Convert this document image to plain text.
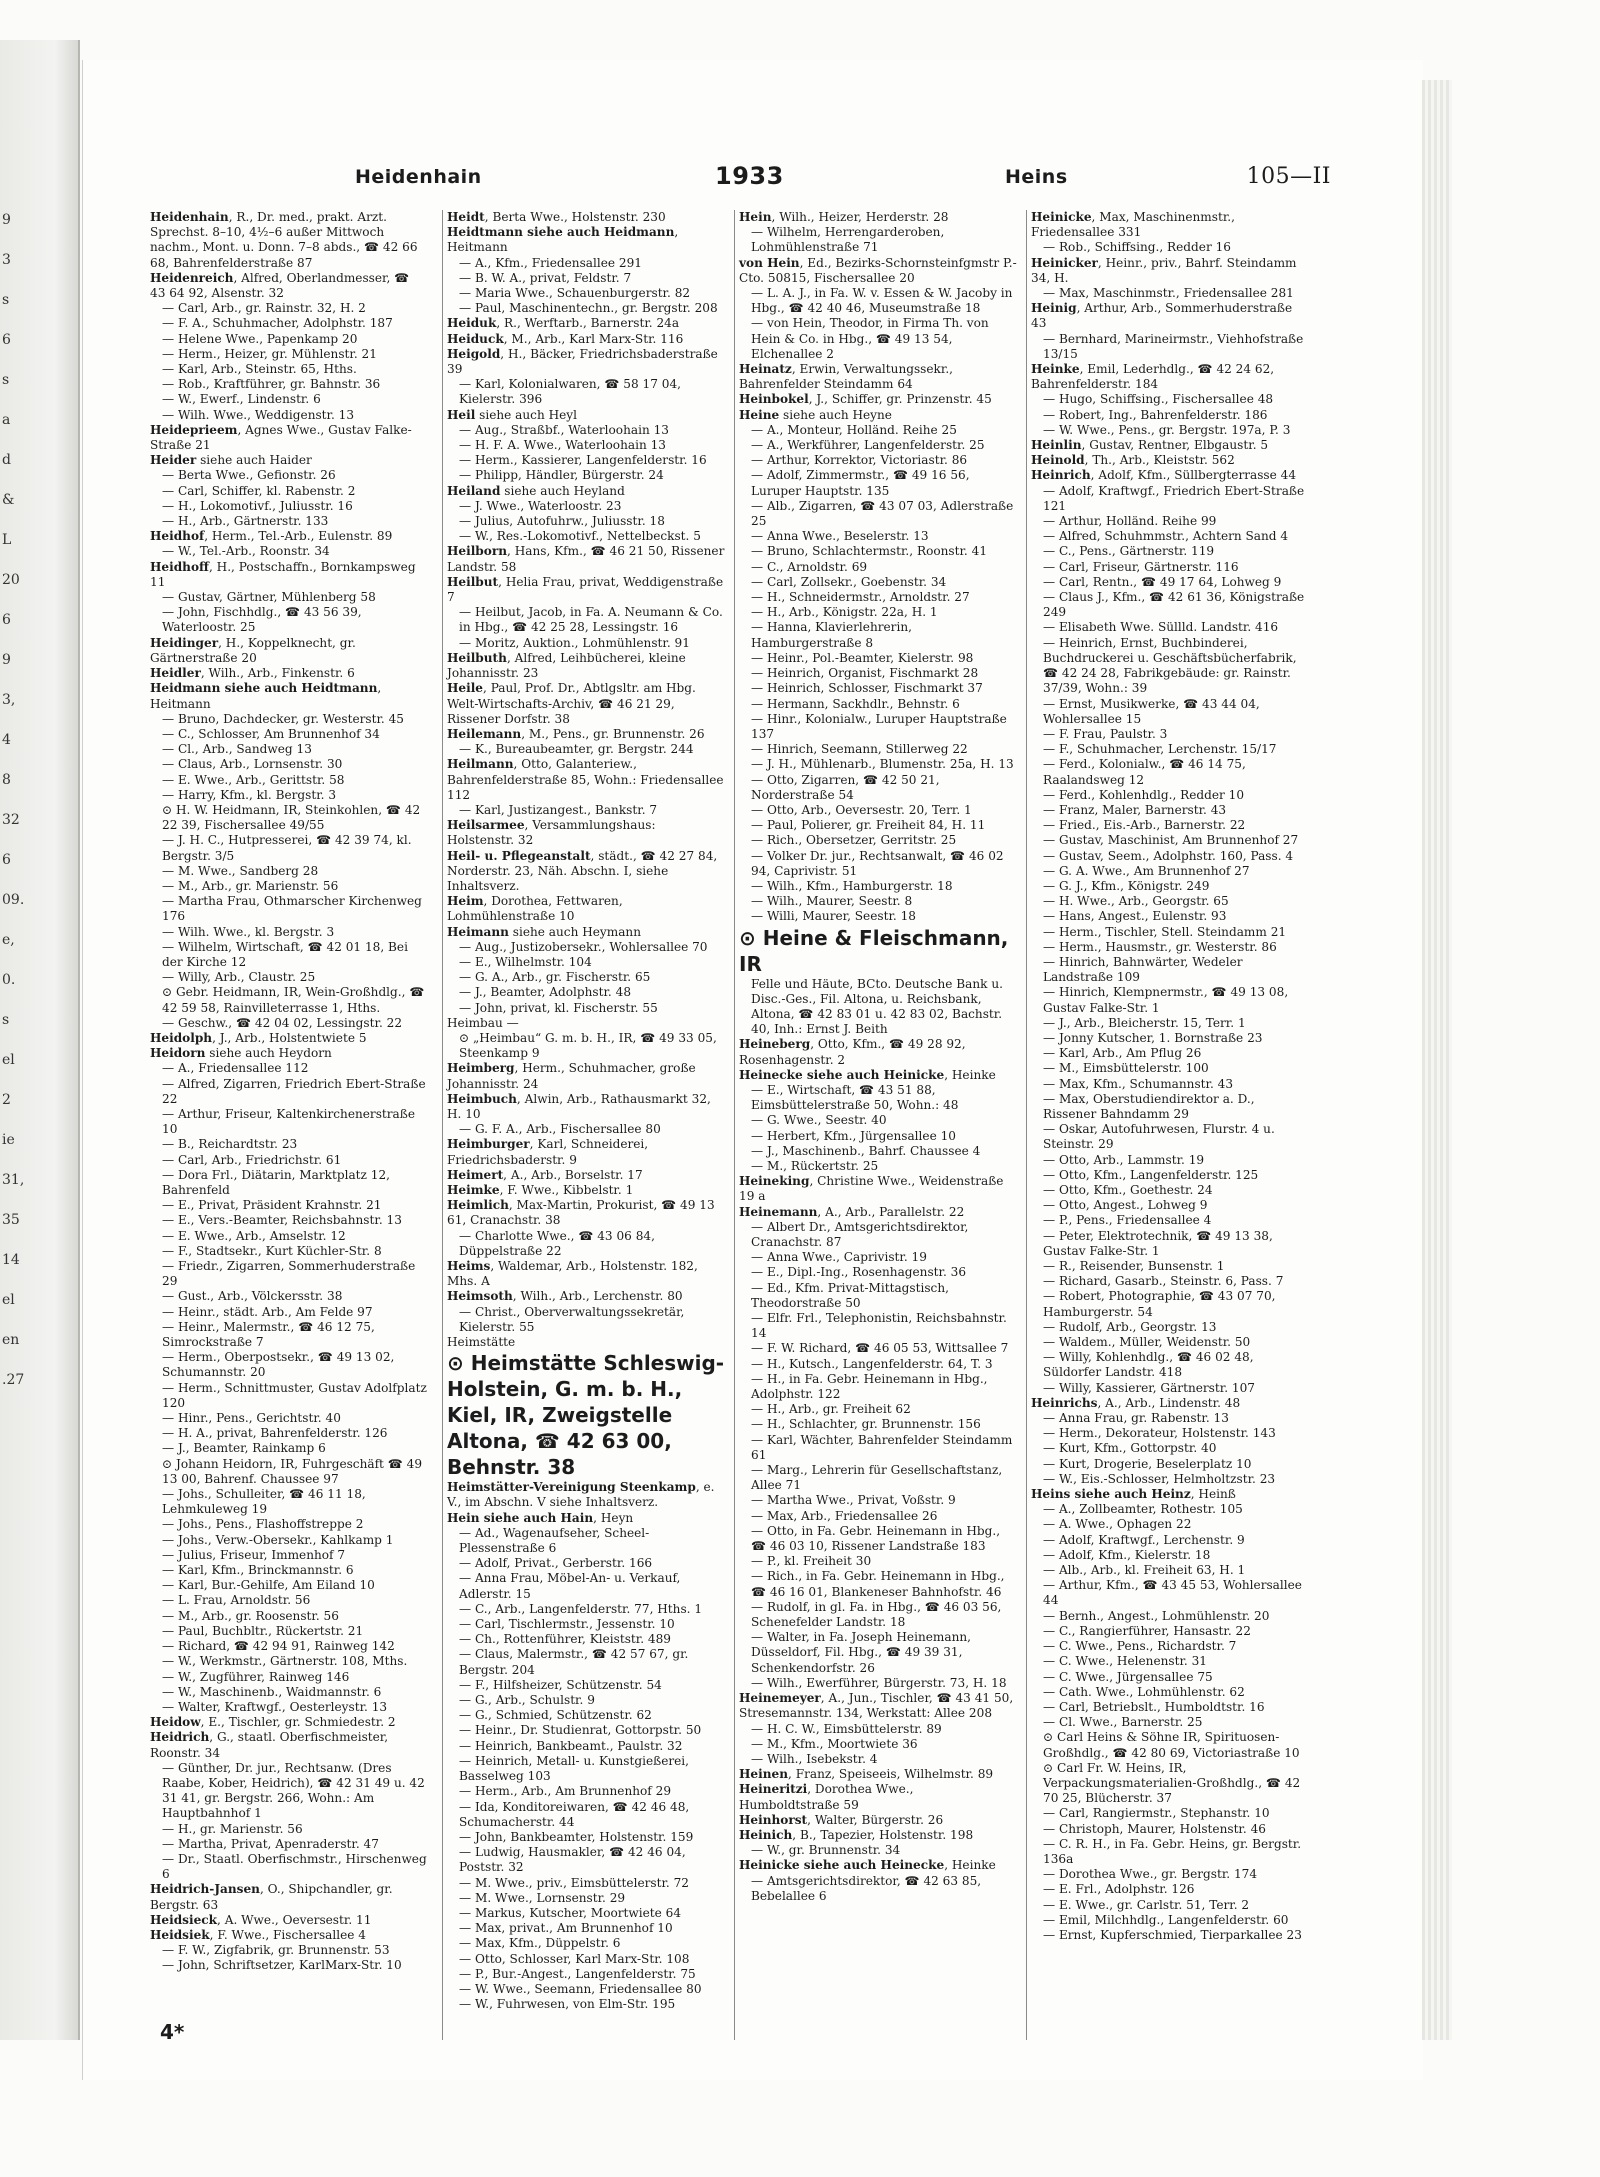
9
3
s
6
s
a
d
&
L
20
6
9
3,
4
8
32
6
09.
e,
0.
s
el
2
ie
31,
35
14
el
en
.27
Heidenhain	1933	Heins	105—II

Heidenhain, R., Dr. med., prakt. Arzt. Sprechst. 8–10, 4½–6 außer Mittwoch nachm., Mont. u. Donn. 7–8 abds., ☎ 42 66 68, Bahrenfelderstraße 87

Heidenreich, Alfred, Oberlandmesser, ☎ 43 64 92, Alsenstr. 32

— Carl, Arb., gr. Rainstr. 32, H. 2

— F. A., Schuhmacher, Adolphstr. 187

— Helene Wwe., Papenkamp 20

— Herm., Heizer, gr. Mühlenstr. 21

— Karl, Arb., Steinstr. 65, Hths.

— Rob., Kraftführer, gr. Bahnstr. 36

— W., Ewerf., Lindenstr. 6

— Wilh. Wwe., Weddigenstr. 13

Heideprieem, Agnes Wwe., Gustav Falke-Straße 21

Heider siehe auch Haider

— Berta Wwe., Gefionstr. 26

— Carl, Schiffer, kl. Rabenstr. 2

— H., Lokomotivf., Juliusstr. 16

— H., Arb., Gärtnerstr. 133

Heidhof, Herm., Tel.-Arb., Eulenstr. 89

— W., Tel.-Arb., Roonstr. 34

Heidhoff, H., Postschaffn., Bornkampsweg 11

— Gustav, Gärtner, Mühlenberg 58

— John, Fischhdlg., ☎ 43 56 39, Waterloostr. 25

Heidinger, H., Koppelknecht, gr. Gärtnerstraße 20

Heidler, Wilh., Arb., Finkenstr. 6

Heidmann siehe auch Heidtmann, Heitmann

— Bruno, Dachdecker, gr. Westerstr. 45

— C., Schlosser, Am Brunnenhof 34

— Cl., Arb., Sandweg 13

— Claus, Arb., Lornsenstr. 30

— E. Wwe., Arb., Gerittstr. 58

— Harry, Kfm., kl. Bergstr. 3

⊙ H. W. Heidmann, IR, Steinkohlen, ☎ 42 22 39, Fischersallee 49/55

— J. H. C., Hutpresserei, ☎ 42 39 74, kl. Bergstr. 3/5

— M. Wwe., Sandberg 28

— M., Arb., gr. Marienstr. 56

— Martha Frau, Othmarscher Kirchenweg 176

— Wilh. Wwe., kl. Bergstr. 3

— Wilhelm, Wirtschaft, ☎ 42 01 18, Bei der Kirche 12

— Willy, Arb., Claustr. 25

⊙ Gebr. Heidmann, IR, Wein-Großhdlg., ☎ 42 59 58, Rainvilleterrasse 1, Hths.

— Geschw., ☎ 42 04 02, Lessingstr. 22

Heidolph, J., Arb., Holstentwiete 5

Heidorn siehe auch Heydorn

— A., Friedensallee 112

— Alfred, Zigarren, Friedrich Ebert-Straße 22

— Arthur, Friseur, Kaltenkirchenerstraße 10

— B., Reichardtstr. 23

— Carl, Arb., Friedrichstr. 61

— Dora Frl., Diätarin, Marktplatz 12, Bahrenfeld

— E., Privat, Präsident Krahnstr. 21

— E., Vers.-Beamter, Reichsbahnstr. 13

— E. Wwe., Arb., Amselstr. 12

— F., Stadtsekr., Kurt Küchler-Str. 8

— Friedr., Zigarren, Sommerhuderstraße 29

— Gust., Arb., Völckersstr. 38

— Heinr., städt. Arb., Am Felde 97

— Heinr., Malermstr., ☎ 46 12 75, Simrockstraße 7

— Herm., Oberpostsekr., ☎ 49 13 02, Schumannstr. 20

— Herm., Schnittmuster, Gustav Adolfplatz 120

— Hinr., Pens., Gerichtstr. 40

— H. A., privat, Bahrenfelderstr. 126

— J., Beamter, Rainkamp 6

⊙ Johann Heidorn, IR, Fuhrgeschäft ☎ 49 13 00, Bahrenf. Chaussee 97

— Johs., Schulleiter, ☎ 46 11 18, Lehmkuleweg 19

— Johs., Pens., Flashoffstreppe 2

— Johs., Verw.-Obersekr., Kahlkamp 1

— Julius, Friseur, Immenhof 7

— Karl, Kfm., Brinckmannstr. 6

— Karl, Bur.-Gehilfe, Am Eiland 10

— L. Frau, Arnoldstr. 56

— M., Arb., gr. Roosenstr. 56

— Paul, Buchbltr., Rückertstr. 21

— Richard, ☎ 42 94 91, Rainweg 142

— W., Werkmstr., Gärtnerstr. 108, Mths.

— W., Zugführer, Rainweg 146

— W., Maschinenb., Waidmannstr. 6

— Walter, Kraftwgf., Oesterleystr. 13

Heidow, E., Tischler, gr. Schmiedestr. 2

Heidrich, G., staatl. Oberfischmeister, Roonstr. 34

— Günther, Dr. jur., Rechtsanw. (Dres Raabe, Kober, Heidrich), ☎ 42 31 49 u. 42 31 41, gr. Bergstr. 266, Wohn.: Am Hauptbahnhof 1

— H., gr. Marienstr. 56

— Martha, Privat, Apenraderstr. 47

— Dr., Staatl. Oberfischmstr., Hirschenweg 6

Heidrich-Jansen, O., Shipchandler, gr. Bergstr. 63

Heidsieck, A. Wwe., Oeversestr. 11

Heidsiek, F. Wwe., Fischersallee 4

— F. W., Zigfabrik, gr. Brunnenstr. 53

— John, Schriftsetzer, KarlMarx-Str. 10

Heidt, Berta Wwe., Holstenstr. 230

Heidtmann siehe auch Heidmann, Heitmann

— A., Kfm., Friedensallee 291

— B. W. A., privat, Feldstr. 7

— Maria Wwe., Schauenburgerstr. 82

— Paul, Maschinentechn., gr. Bergstr. 208

Heiduk, R., Werftarb., Barnerstr. 24a

Heiduck, M., Arb., Karl Marx-Str. 116

Heigold, H., Bäcker, Friedrichsbaderstraße 39

— Karl, Kolonialwaren, ☎ 58 17 04, Kielerstr. 396

Heil siehe auch Heyl

— Aug., Straßbf., Waterloohain 13

— H. F. A. Wwe., Waterloohain 13

— Herm., Kassierer, Langenfelderstr. 16

— Philipp, Händler, Bürgerstr. 24

Heiland siehe auch Heyland

— J. Wwe., Waterloostr. 23

— Julius, Autofuhrw., Juliusstr. 18

— W., Res.-Lokomotivf., Nettelbeckst. 5

Heilborn, Hans, Kfm., ☎ 46 21 50, Rissener Landstr. 58

Heilbut, Helia Frau, privat, Weddigenstraße 7

— Heilbut, Jacob, in Fa. A. Neumann & Co. in Hbg., ☎ 42 25 28, Lessingstr. 16

— Moritz, Auktion., Lohmühlenstr. 91

Heilbuth, Alfred, Leihbücherei, kleine Johannisstr. 23

Heile, Paul, Prof. Dr., Abtlgsltr. am Hbg. Welt-Wirtschafts-Archiv, ☎ 46 21 29, Rissener Dorfstr. 38

Heilemann, M., Pens., gr. Brunnenstr. 26

— K., Bureaubeamter, gr. Bergstr. 244

Heilmann, Otto, Galanteriew., Bahrenfelderstraße 85, Wohn.: Friedensallee 112

— Karl, Justizangest., Bankstr. 7

Heilsarmee, Versammlungshaus: Holstenstr. 32

Heil- u. Pflegeanstalt, städt., ☎ 42 27 84, Norderstr. 23, Näh. Abschn. I, siehe Inhaltsverz.

Heim, Dorothea, Fettwaren, Lohmühlenstraße 10

Heimann siehe auch Heymann

— Aug., Justizobersekr., Wohlersallee 70

— E., Wilhelmstr. 104

— G. A., Arb., gr. Fischerstr. 65

— J., Beamter, Adolphstr. 48

— John, privat, kl. Fischerstr. 55

Heimbau —

⊙ „Heimbau“ G. m. b. H., IR, ☎ 49 33 05, Steenkamp 9

Heimberg, Herm., Schuhmacher, große Johannisstr. 24

Heimbuch, Alwin, Arb., Rathausmarkt 32, H. 10

— G. F. A., Arb., Fischersallee 80

Heimburger, Karl, Schneiderei, Friedrichsbaderstr. 9

Heimert, A., Arb., Borselstr. 17

Heimke, F. Wwe., Kibbelstr. 1

Heimlich, Max-Martin, Prokurist, ☎ 49 13 61, Cranachstr. 38

— Charlotte Wwe., ☎ 43 06 84, Düppelstraße 22

Heims, Waldemar, Arb., Holstenstr. 182, Mhs. A

Heimsoth, Wilh., Arb., Lerchenstr. 80

— Christ., Oberverwaltungssekretär, Kielerstr. 55

Heimstätte

⊙ Heimstätte Schleswig-Holstein, G. m. b. H., Kiel, IR, Zweigstelle Altona, ☎ 42 63 00, Behnstr. 38

Heimstätter-Vereinigung Steenkamp, e. V., im Abschn. V siehe Inhaltsverz.

Hein siehe auch Hain, Heyn

— Ad., Wagenaufseher, Scheel-Plessenstraße 6

— Adolf, Privat., Gerberstr. 166

— Anna Frau, Möbel-An- u. Verkauf, Adlerstr. 15

— C., Arb., Langenfelderstr. 77, Hths. 1

— Carl, Tischlermstr., Jessenstr. 10

— Ch., Rottenführer, Kleiststr. 489

— Claus, Malermstr., ☎ 42 57 67, gr. Bergstr. 204

— F., Hilfsheizer, Schützenstr. 54

— G., Arb., Schulstr. 9

— G., Schmied, Schützenstr. 62

— Heinr., Dr. Studienrat, Gottorpstr. 50

— Heinrich, Bankbeamt., Paulstr. 32

— Heinrich, Metall- u. Kunstgießerei, Basselweg 103

— Herm., Arb., Am Brunnenhof 29

— Ida, Konditoreiwaren, ☎ 42 46 48, Schumacherstr. 44

— John, Bankbeamter, Holstenstr. 159

— Ludwig, Hausmakler, ☎ 42 46 04, Poststr. 32

— M. Wwe., priv., Eimsbüttelerstr. 72

— M. Wwe., Lornsenstr. 29

— Markus, Kutscher, Moortwiete 64

— Max, privat., Am Brunnenhof 10

— Max, Kfm., Düppelstr. 6

— Otto, Schlosser, Karl Marx-Str. 108

— P., Bur.-Angest., Langenfelderstr. 75

— W. Wwe., Seemann, Friedensallee 80

— W., Fuhrwesen, von Elm-Str. 195

Hein, Wilh., Heizer, Herderstr. 28

— Wilhelm, Herrengarderoben, Lohmühlenstraße 71

von Hein, Ed., Bezirks-Schornsteinfgmstr P.-Cto. 50815, Fischersallee 20

— L. A. J., in Fa. W. v. Essen & W. Jacoby in Hbg., ☎ 42 40 46, Museumstraße 18

— von Hein, Theodor, in Firma Th. von Hein & Co. in Hbg., ☎ 49 13 54, Elchenallee 2

Heinatz, Erwin, Verwaltungssekr., Bahrenfelder Steindamm 64

Heinbokel, J., Schiffer, gr. Prinzenstr. 45

Heine siehe auch Heyne

— A., Monteur, Holländ. Reihe 25

— A., Werkführer, Langenfelderstr. 25

— Arthur, Korrektor, Victoriastr. 86

— Adolf, Zimmermstr., ☎ 49 16 56, Luruper Hauptstr. 135

— Alb., Zigarren, ☎ 43 07 03, Adlerstraße 25

— Anna Wwe., Beselerstr. 13

— Bruno, Schlachtermstr., Roonstr. 41

— C., Arnoldstr. 69

— Carl, Zollsekr., Goebenstr. 34

— H., Schneidermstr., Arnoldstr. 27

— H., Arb., Königstr. 22a, H. 1

— Hanna, Klavierlehrerin, Hamburgerstraße 8

— Heinr., Pol.-Beamter, Kielerstr. 98

— Heinrich, Organist, Fischmarkt 28

— Heinrich, Schlosser, Fischmarkt 37

— Hermann, Sackhdlr., Behnstr. 6

— Hinr., Kolonialw., Luruper Hauptstraße 137

— Hinrich, Seemann, Stillerweg 22

— J. H., Mühlenarb., Blumenstr. 25a, H. 13

— Otto, Zigarren, ☎ 42 50 21, Norderstraße 54

— Otto, Arb., Oeversestr. 20, Terr. 1

— Paul, Polierer, gr. Freiheit 84, H. 11

— Rich., Obersetzer, Gerritstr. 25

— Volker Dr. jur., Rechtsanwalt, ☎ 46 02 94, Caprivistr. 51

— Wilh., Kfm., Hamburgerstr. 18

— Wilh., Maurer, Seestr. 8

— Willi, Maurer, Seestr. 18

⊙ Heine & Fleischmann, IR

Felle und Häute, BCto. Deutsche Bank u. Disc.-Ges., Fil. Altona, u. Reichsbank, Altona, ☎ 42 83 01 u. 42 83 02, Bachstr. 40, Inh.: Ernst J. Beith

Heineberg, Otto, Kfm., ☎ 49 28 92, Rosenhagenstr. 2

Heinecke siehe auch Heinicke, Heinke

— E., Wirtschaft, ☎ 43 51 88, Eimsbüttelerstraße 50, Wohn.: 48

— G. Wwe., Seestr. 40

— Herbert, Kfm., Jürgensallee 10

— J., Maschinenb., Bahrf. Chaussee 4

— M., Rückertstr. 25

Heineking, Christine Wwe., Weidenstraße 19 a

Heinemann, A., Arb., Parallelstr. 22

— Albert Dr., Amtsgerichtsdirektor, Cranachstr. 87

— Anna Wwe., Caprivistr. 19

— E., Dipl.-Ing., Rosenhagenstr. 36

— Ed., Kfm. Privat-Mittagstisch, Theodorstraße 50

— Elfr. Frl., Telephonistin, Reichsbahnstr. 14

— F. W. Richard, ☎ 46 05 53, Wittsallee 7

— H., Kutsch., Langenfelderstr. 64, T. 3

— H., in Fa. Gebr. Heinemann in Hbg., Adolphstr. 122

— H., Arb., gr. Freiheit 62

— H., Schlachter, gr. Brunnenstr. 156

— Karl, Wächter, Bahrenfelder Steindamm 61

— Marg., Lehrerin für Gesellschaftstanz, Allee 71

— Martha Wwe., Privat, Voßstr. 9

— Max, Arb., Friedensallee 26

— Otto, in Fa. Gebr. Heinemann in Hbg., ☎ 46 03 10, Rissener Landstraße 183

— P., kl. Freiheit 30

— Rich., in Fa. Gebr. Heinemann in Hbg., ☎ 46 16 01, Blankeneser Bahnhofstr. 46

— Rudolf, in gl. Fa. in Hbg., ☎ 46 03 56, Schenefelder Landstr. 18

— Walter, in Fa. Joseph Heinemann, Düsseldorf, Fil. Hbg., ☎ 49 39 31, Schenkendorfstr. 26

— Wilh., Ewerführer, Bürgerstr. 73, H. 18

Heinemeyer, A., Jun., Tischler, ☎ 43 41 50, Stresemannstr. 134, Werkstatt: Allee 208

— H. C. W., Eimsbüttelerstr. 89

— M., Kfm., Moortwiete 36

— Wilh., Isebekstr. 4

Heinen, Franz, Speiseeis, Wilhelmstr. 89

Heineritzi, Dorothea Wwe., Humboldtstraße 59

Heinhorst, Walter, Bürgerstr. 26

Heinich, B., Tapezier, Holstenstr. 198

— W., gr. Brunnenstr. 34

Heinicke siehe auch Heinecke, Heinke

— Amtsgerichtsdirektor, ☎ 42 63 85, Bebelallee 6

Heinicke, Max, Maschinenmstr., Friedensallee 331

— Rob., Schiffsing., Redder 16

Heinicker, Heinr., priv., Bahrf. Steindamm 34, H.

— Max, Maschinmstr., Friedensallee 281

Heinig, Arthur, Arb., Sommerhuderstraße 43

— Bernhard, Marineirmstr., Viehhofstraße 13/15

Heinke, Emil, Lederhdlg., ☎ 42 24 62, Bahrenfelderstr. 184

— Hugo, Schiffsing., Fischersallee 48

— Robert, Ing., Bahrenfelderstr. 186

— W. Wwe., Pens., gr. Bergstr. 197a, P. 3

Heinlin, Gustav, Rentner, Elbgaustr. 5

Heinold, Th., Arb., Kleiststr. 562

Heinrich, Adolf, Kfm., Süllbergterrasse 44

— Adolf, Kraftwgf., Friedrich Ebert-Straße 121

— Arthur, Holländ. Reihe 99

— Alfred, Schuhmmstr., Achtern Sand 4

— C., Pens., Gärtnerstr. 119

— Carl, Friseur, Gärtnerstr. 116

— Carl, Rentn., ☎ 49 17 64, Lohweg 9

— Claus J., Kfm., ☎ 42 61 36, Königstraße 249

— Elisabeth Wwe. Süllld. Landstr. 416

— Heinrich, Ernst, Buchbinderei, Buchdruckerei u. Geschäftsbücherfabrik, ☎ 42 24 28, Fabrikgebäude: gr. Rainstr. 37/39, Wohn.: 39

— Ernst, Musikwerke, ☎ 43 44 04, Wohlersallee 15

— F. Frau, Paulstr. 3

— F., Schuhmacher, Lerchenstr. 15/17

— Ferd., Kolonialw., ☎ 46 14 75, Raalandsweg 12

— Ferd., Kohlenhdlg., Redder 10

— Franz, Maler, Barnerstr. 43

— Fried., Eis.-Arb., Barnerstr. 22

— Gustav, Maschinist, Am Brunnenhof 27

— Gustav, Seem., Adolphstr. 160, Pass. 4

— G. A. Wwe., Am Brunnenhof 27

— G. J., Kfm., Königstr. 249

— H. Wwe., Arb., Georgstr. 65

— Hans, Angest., Eulenstr. 93

— Herm., Tischler, Stell. Steindamm 21

— Herm., Hausmstr., gr. Westerstr. 86

— Hinrich, Bahnwärter, Wedeler Landstraße 109

— Hinrich, Klempnermstr., ☎ 49 13 08, Gustav Falke-Str. 1

— J., Arb., Bleicherstr. 15, Terr. 1

— Jonny Kutscher, 1. Bornstraße 23

— Karl, Arb., Am Pflug 26

— M., Eimsbüttelerstr. 100

— Max, Kfm., Schumannstr. 43

— Max, Oberstudiendirektor a. D., Rissener Bahndamm 29

— Oskar, Autofuhrwesen, Flurstr. 4 u. Steinstr. 29

— Otto, Arb., Lammstr. 19

— Otto, Kfm., Langenfelderstr. 125

— Otto, Kfm., Goethestr. 24

— Otto, Angest., Lohweg 9

— P., Pens., Friedensallee 4

— Peter, Elektrotechnik, ☎ 49 13 38, Gustav Falke-Str. 1

— R., Reisender, Bunsenstr. 1

— Richard, Gasarb., Steinstr. 6, Pass. 7

— Robert, Photographie, ☎ 43 07 70, Hamburgerstr. 54

— Rudolf, Arb., Georgstr. 13

— Waldem., Müller, Weidenstr. 50

— Willy, Kohlenhdlg., ☎ 46 02 48, Süldorfer Landstr. 418

— Willy, Kassierer, Gärtnerstr. 107

Heinrichs, A., Arb., Lindenstr. 48

— Anna Frau, gr. Rabenstr. 13

— Herm., Dekorateur, Holstenstr. 143

— Kurt, Kfm., Gottorpstr. 40

— Kurt, Drogerie, Beselerplatz 10

— W., Eis.-Schlosser, Helmholtzstr. 23

Heins siehe auch Heinz, Heinß

— A., Zollbeamter, Rothestr. 105

— A. Wwe., Ophagen 22

— Adolf, Kraftwgf., Lerchenstr. 9

— Adolf, Kfm., Kielerstr. 18

— Alb., Arb., kl. Freiheit 63, H. 1

— Arthur, Kfm., ☎ 43 45 53, Wohlersallee 44

— Bernh., Angest., Lohmühlenstr. 20

— C., Rangierführer, Hansastr. 22

— C. Wwe., Pens., Richardstr. 7

— C. Wwe., Helenenstr. 31

— C. Wwe., Jürgensallee 75

— Cath. Wwe., Lohmühlenstr. 62

— Carl, Betriebslt., Humboldtstr. 16

— Cl. Wwe., Barnerstr. 25

⊙ Carl Heins & Söhne IR, Spirituosen-Großhdlg., ☎ 42 80 69, Victoriastraße 10

⊙ Carl Fr. W. Heins, IR, Verpackungsmaterialien-Großhdlg., ☎ 42 70 25, Blücherstr. 37

— Carl, Rangiermstr., Stephanstr. 10

— Christoph, Maurer, Holstenstr. 46

— C. R. H., in Fa. Gebr. Heins, gr. Bergstr. 136a

— Dorothea Wwe., gr. Bergstr. 174

— E. Frl., Adolphstr. 126

— E. Wwe., gr. Carlstr. 51, Terr. 2

— Emil, Milchhdlg., Langenfelderstr. 60

— Ernst, Kupferschmied, Tierparkallee 23

4*
